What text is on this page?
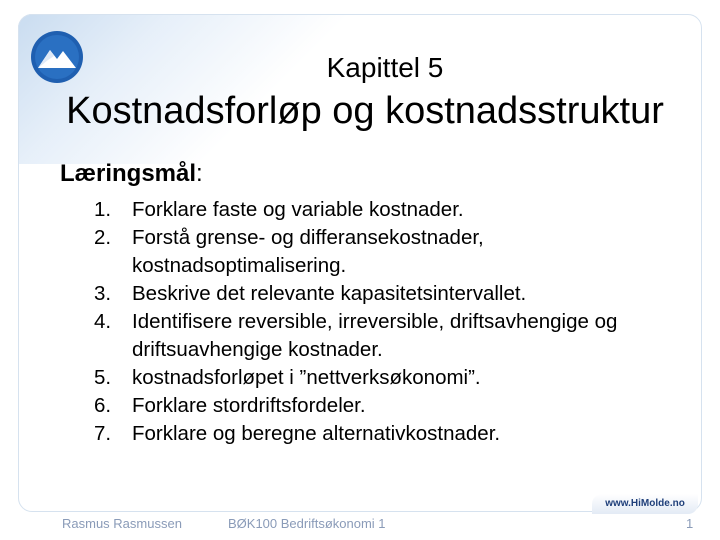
Kapittel 5
Kostnadsforløp og kostnadsstruktur
Læringsmål:
1.	Forklare faste og variable kostnader.
2.	Forstå grense- og differansekostnader, kostnadsoptimalisering.
3.	Beskrive det relevante kapasitetsintervallet.
4.	Identifisere reversible, irreversible, driftsavhengige og driftsuavhengige kostnader.
5.	kostnadsforløpet i ”nettverksøkonomi”.
6.	Forklare stordriftsfordeler.
7.	Forklare og beregne alternativkostnader.
www.HiMolde.no
Rasmus Rasmussen	BØK100 Bedriftsøkonomi 1	1
